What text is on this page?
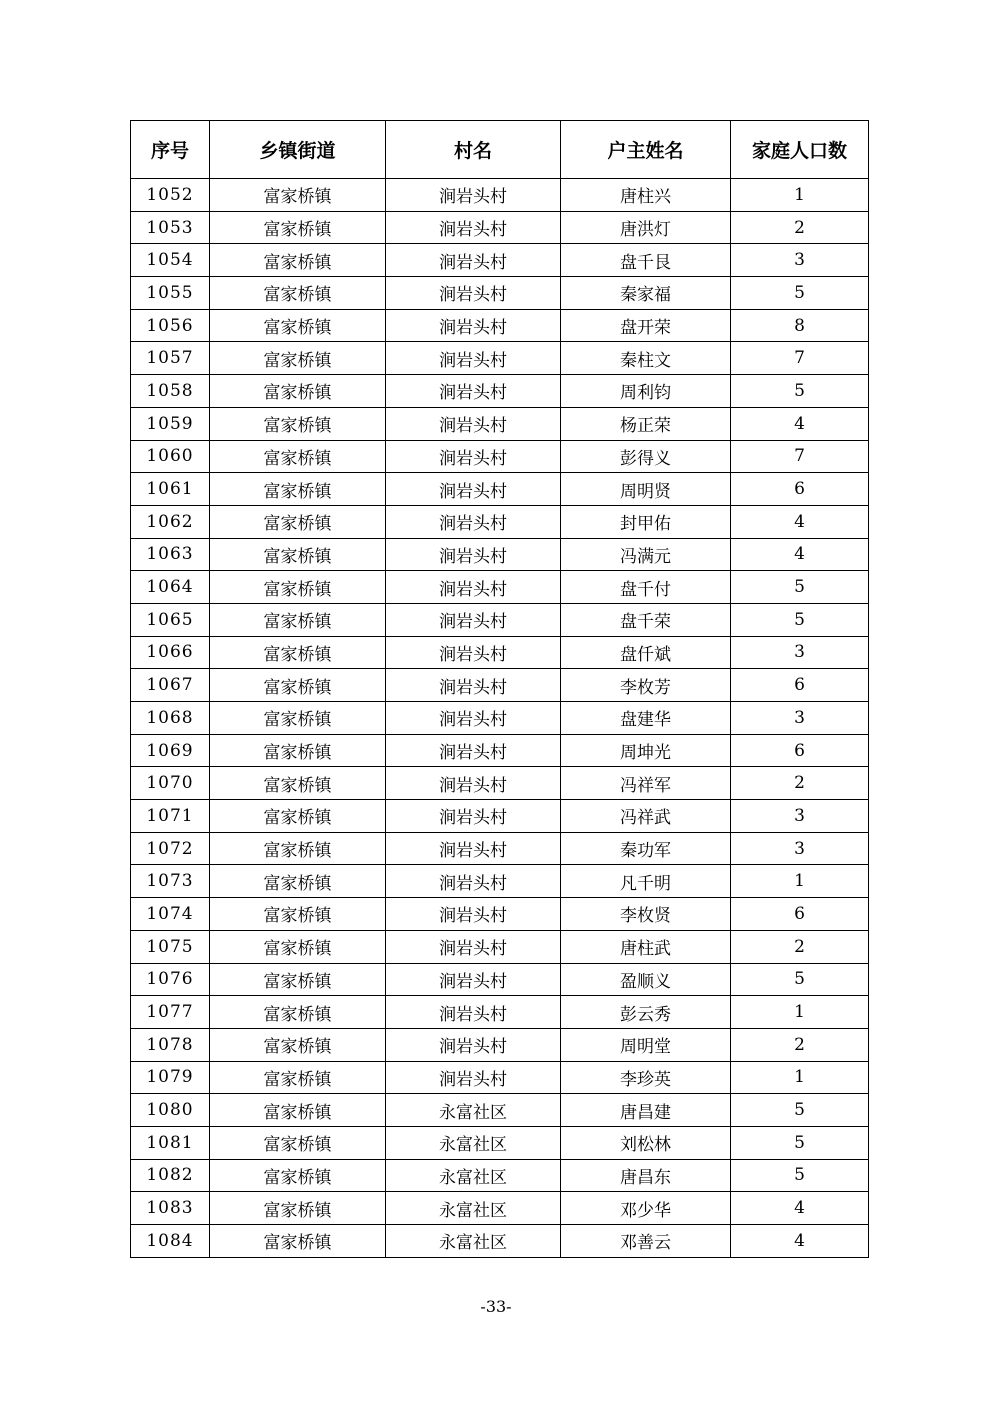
序号	乡镇街道	村名	户主姓名	家庭人口数
1052	富家桥镇	涧岩头村	唐柱兴	1
1053	富家桥镇	涧岩头村	唐洪灯	2
1054	富家桥镇	涧岩头村	盘千艮	3
1055	富家桥镇	涧岩头村	秦家福	5
1056	富家桥镇	涧岩头村	盘开荣	8
1057	富家桥镇	涧岩头村	秦柱文	7
1058	富家桥镇	涧岩头村	周利钧	5
1059	富家桥镇	涧岩头村	杨正荣	4
1060	富家桥镇	涧岩头村	彭得义	7
1061	富家桥镇	涧岩头村	周明贤	6
1062	富家桥镇	涧岩头村	封甲佑	4
1063	富家桥镇	涧岩头村	冯满元	4
1064	富家桥镇	涧岩头村	盘千付	5
1065	富家桥镇	涧岩头村	盘千荣	5
1066	富家桥镇	涧岩头村	盘仟斌	3
1067	富家桥镇	涧岩头村	李枚芳	6
1068	富家桥镇	涧岩头村	盘建华	3
1069	富家桥镇	涧岩头村	周坤光	6
1070	富家桥镇	涧岩头村	冯祥军	2
1071	富家桥镇	涧岩头村	冯祥武	3
1072	富家桥镇	涧岩头村	秦功军	3
1073	富家桥镇	涧岩头村	凡千明	1
1074	富家桥镇	涧岩头村	李枚贤	6
1075	富家桥镇	涧岩头村	唐柱武	2
1076	富家桥镇	涧岩头村	盈顺义	5
1077	富家桥镇	涧岩头村	彭云秀	1
1078	富家桥镇	涧岩头村	周明堂	2
1079	富家桥镇	涧岩头村	李珍英	1
1080	富家桥镇	永富社区	唐昌建	5
1081	富家桥镇	永富社区	刘松林	5
1082	富家桥镇	永富社区	唐昌东	5
1083	富家桥镇	永富社区	邓少华	4
1084	富家桥镇	永富社区	邓善云	4
-33-
